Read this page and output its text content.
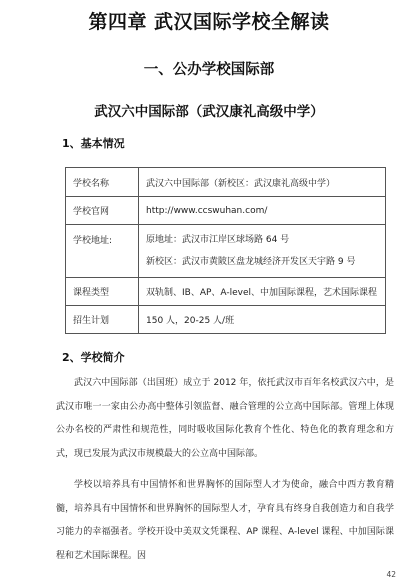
第四章 武汉国际学校全解读
一、公办学校国际部
武汉六中国际部（武汉康礼高级中学）
1、基本情况
学校名称	武汉六中国际部（新校区：武汉康礼高级中学）
学校官网	http://www.ccswuhan.com/
学校地址:	原地址：武汉市江岸区球场路 64 号
新校区：武汉市黄陂区盘龙城经济开发区天宇路 9 号

课程类型	双轨制、IB、AP、A-level、中加国际课程，艺术国际课程
招生计划	150 人，20-25 人/班
2、学校简介

武汉六中国际部（出国班）成立于 2012 年，依托武汉市百年名校武汉六中，是武汉市唯一一家由公办高中整体引领监督、融合管理的公立高中国际部。管理上体现公办名校的严肃性和规范性，同时吸收国际化教育个性化、特色化的教育理念和方式，现已发展为武汉市规模最大的公立高中国际部。

学校以培养具有中国情怀和世界胸怀的国际型人才为使命，融合中西方教育精髓，培养具有中国情怀和世界胸怀的国际型人才，孕育具有终身自我创造力和自我学习能力的幸福强者。学校开设中美双文凭课程、AP 课程、A-level 课程、中加国际课程和艺术国际课程。因

42
